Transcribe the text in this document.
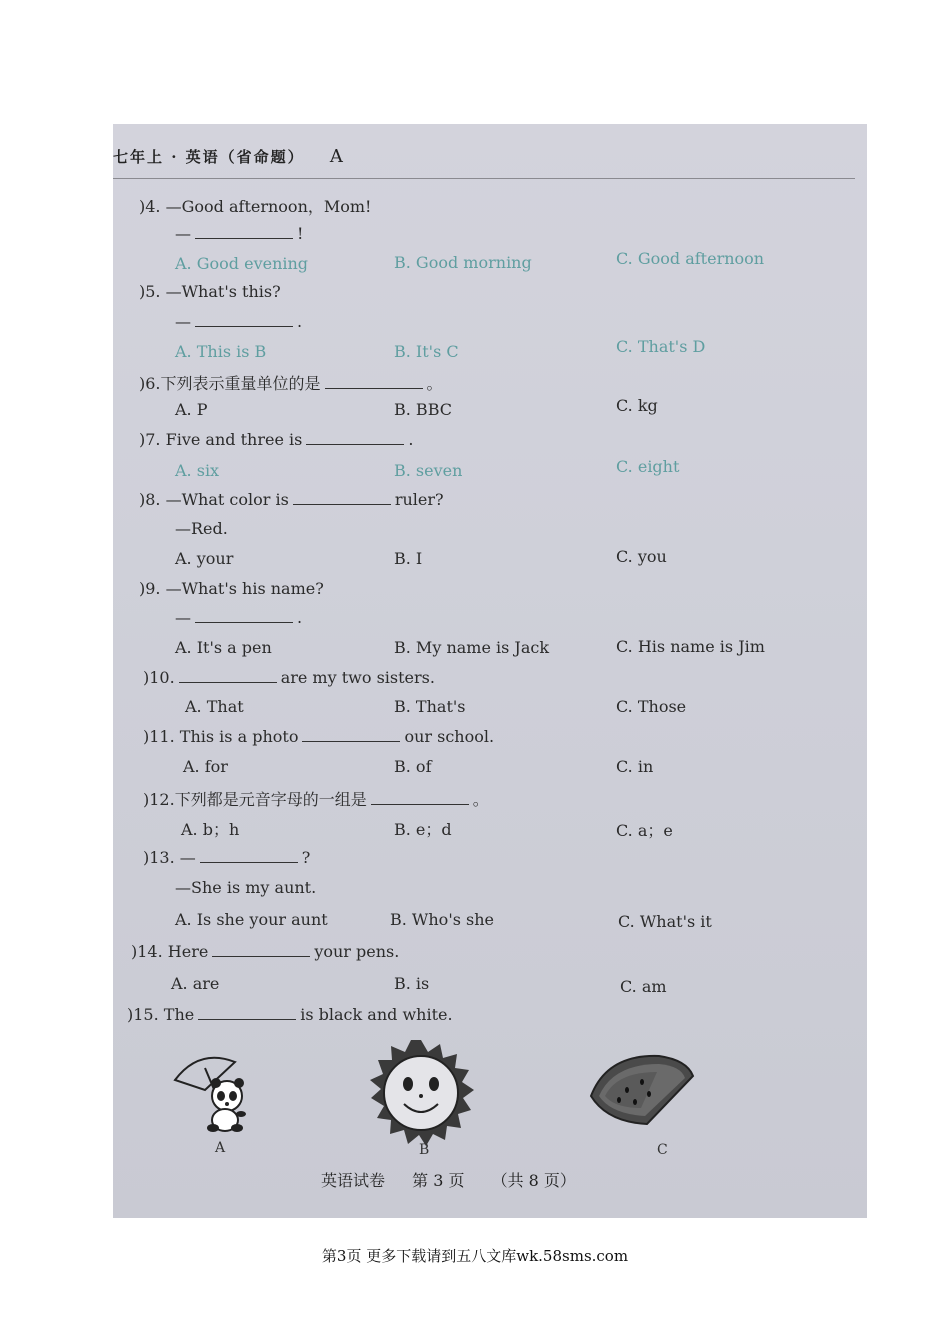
七年上 · 英语（省命题） A
)4. —Good afternoon，Mom!
—	!
A. Good evening	B. Good morning	C. Good afternoon
)5. —What's this?
—	.
A. This is B	B. It's C	C. That's D
)6.下列表示重量单位的是	。
A. P	B. BBC	C. kg
)7. Five and three is	.
A. six	B. seven	C. eight
)8. —What color is	ruler?
—Red.
A. your	B. I	C. you
)9. —What's his name?
—	.
A. It's a pen	B. My name is Jack	C. His name is Jim
)10.	are my two sisters.
A. That	B. That's	C. Those
)11. This is a photo	our school.
A. for	B. of	C. in
)12.下列都是元音字母的一组是	。
A. b；h	B. e；d	C. a；e
)13. —	?
—She is my aunt.
A. Is she your aunt	B. Who's she	C. What's it
)14. Here	your pens.
A. are	B. is	C. am
)15. The	is black and white.
A	B	C
英语试卷 第 3 页 （共 8 页）
第3页 更多下载请到五八文库wk.58sms.com
